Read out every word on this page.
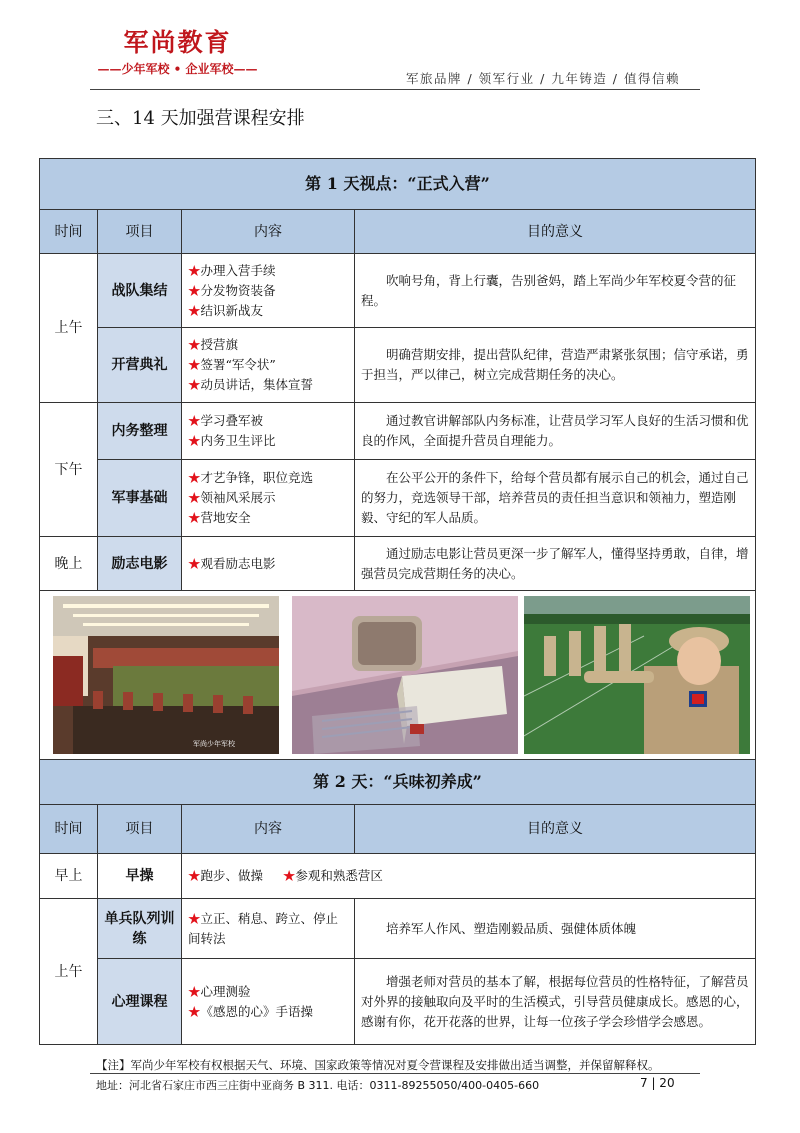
军尚教育
——少年军校 • 企业军校——
军旅品牌 / 领军行业 / 九年铸造 / 值得信赖
三、14 天加强营课程安排
第 1 天视点：“正式入营”			
时间	项目	内容	目的意义
上午	战队集结	★办理入营手续
★分发物资装备
★结识新战友	吹响号角，背上行囊，告别爸妈，踏上军尚少年军校夏令营的征程。
	开营典礼	★授营旗
★签署“军令状”
★动员讲话，集体宣誓	明确营期安排，提出营队纪律，营造严肃紧张氛围；信守承诺，勇于担当，严以律己，树立完成营期任务的决心。
下午	内务整理	★学习叠军被
★内务卫生评比	通过教官讲解部队内务标准，让营员学习军人良好的生活习惯和优良的作风，全面提升营员自理能力。
	军事基础	★才艺争锋，职位竞选
★领袖风采展示
★营地安全	在公平公开的条件下，给每个营员都有展示自己的机会，通过自己的努力，竞选领导干部，培养营员的责任担当意识和领袖力，塑造刚毅、守纪的军人品质。
晚上	励志电影	★观看励志电影	通过励志电影让营员更深一步了解军人，懂得坚持勇敢，自律，增强营员完成营期任务的决心。

军尚少年军校			

第 2 天：“兵味初养成”			
时间	项目	内容	目的意义
早上	早操	★跑步、做操 ★参观和熟悉营区	

上午	单兵队列训练	★立正、稍息、跨立、停止间转法	培养军人作风、塑造刚毅品质、强健体质体魄
	心理课程	★心理测验
★《感恩的心》手语操	增强老师对营员的基本了解，根据每位营员的性格特征，了解营员对外界的接触取向及平时的生活模式，引导营员健康成长。感恩的心，感谢有你，花开花落的世界，让每一位孩子学会珍惜学会感恩。
【注】军尚少年军校有权根据天气、环境、国家政策等情况对夏令营课程及安排做出适当调整，并保留解释权。
地址：河北省石家庄市西三庄街中亚商务 B 311. 电话：0311-89255050/400-0405-660	7 | 20
